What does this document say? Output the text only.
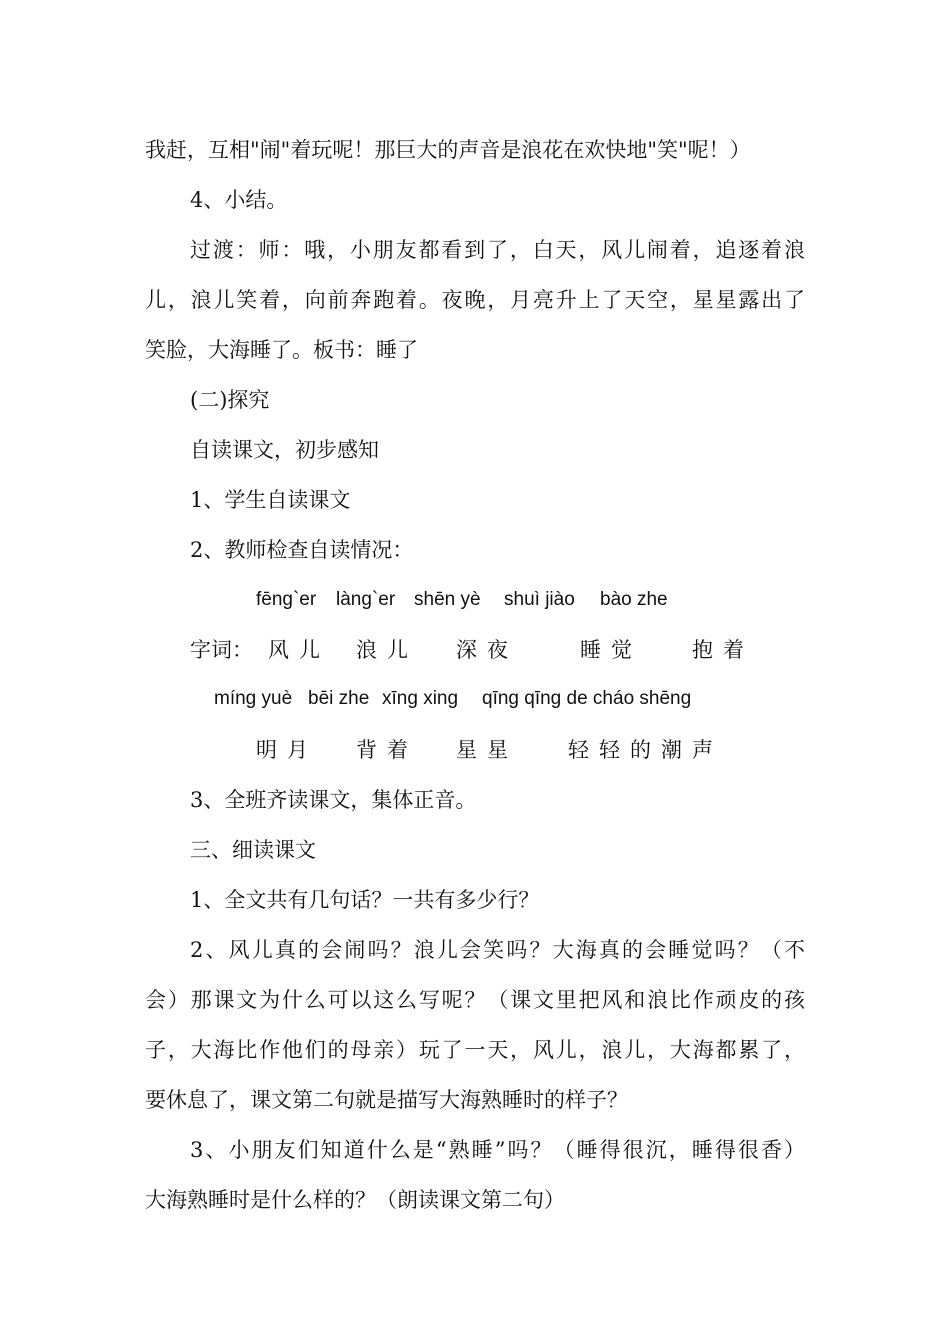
我赶，互相"闹"着玩呢！那巨大的声音是浪花在欢快地"笑"呢！）
4、小结。
过渡：师：哦，小朋友都看到了，白天，风儿闹着，追逐着浪
儿，浪儿笑着，向前奔跑着。夜晚，月亮升上了天空，星星露出了
笑脸，大海睡了。板书：睡了
(二)探究
自读课文，初步感知
1、学生自读课文
2、教师检查自读情况：
fēng`er làng`er shēn yè shuì jiào bào zhe
字词： 风儿 浪儿 深夜	睡觉 抱着
míng yuè bēi zhe xīng xing qīng qīng de cháo shēng
明月 背着 星星 轻轻的潮声
3、全班齐读课文，集体正音。
三、细读课文
1、全文共有几句话？一共有多少行？
2、风儿真的会闹吗？浪儿会笑吗？大海真的会睡觉吗？（不
会）那课文为什么可以这么写呢？（课文里把风和浪比作顽皮的孩
子，大海比作他们的母亲）玩了一天，风儿，浪儿，大海都累了，
要休息了，课文第二句就是描写大海熟睡时的样子？
3、小朋友们知道什么是“熟睡”吗？（睡得很沉，睡得很香）
大海熟睡时是什么样的？（朗读课文第二句）
